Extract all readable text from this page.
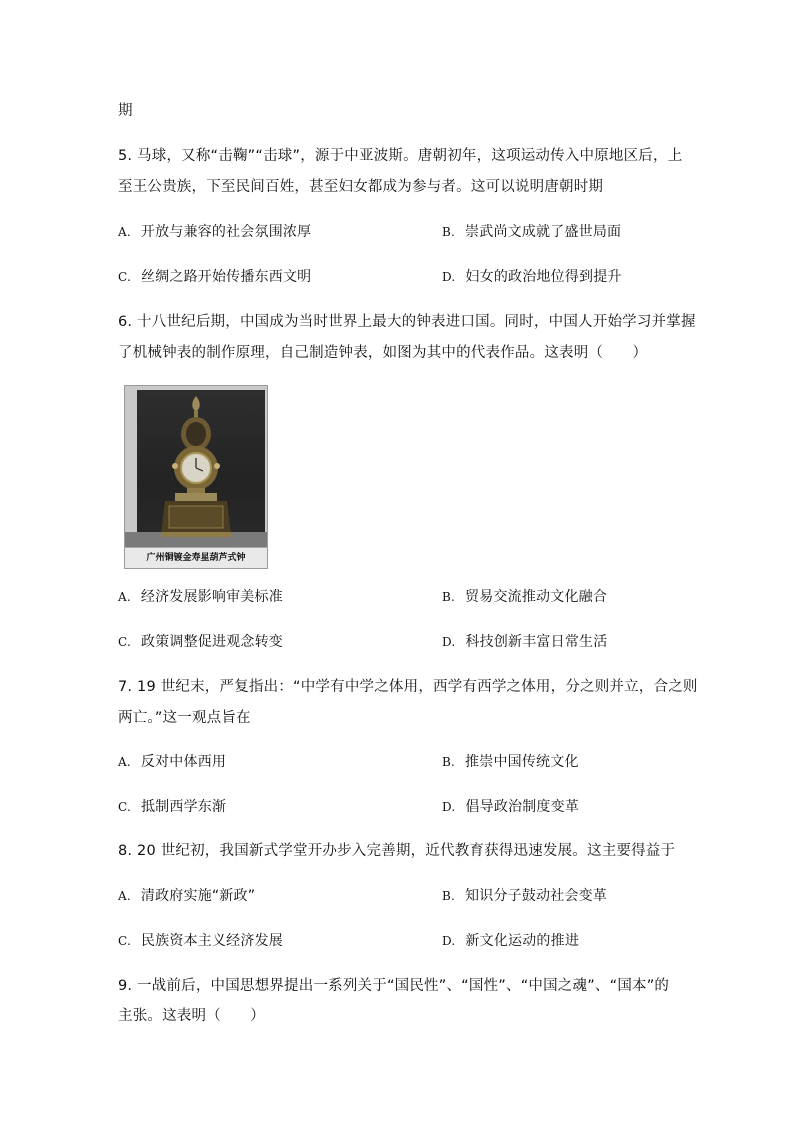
期
5. 马球，又称“击鞠”“击球”，源于中亚波斯。唐朝初年，这项运动传入中原地区后，上
至王公贵族，下至民间百姓，甚至妇女都成为参与者。这可以说明唐朝时期
A. 开放与兼容的社会氛围浓厚	B. 崇武尚文成就了盛世局面
C. 丝绸之路开始传播东西文明	D. 妇女的政治地位得到提升
6. 十八世纪后期，中国成为当时世界上最大的钟表进口国。同时，中国人开始学习并掌握
了机械钟表的制作原理，自己制造钟表，如图为其中的代表作品。这表明（　　）
广州铜镀金寿星葫芦式钟
A. 经济发展影响审美标准	B. 贸易交流推动文化融合
C. 政策调整促进观念转变	D. 科技创新丰富日常生活
7. 19 世纪末，严复指出：“中学有中学之体用，西学有西学之体用，分之则并立，合之则
两亡。”这一观点旨在
A. 反对中体西用	B. 推崇中国传统文化
C. 抵制西学东渐	D. 倡导政治制度变革
8. 20 世纪初，我国新式学堂开办步入完善期，近代教育获得迅速发展。这主要得益于
A. 清政府实施“新政”	B. 知识分子鼓动社会变革
C. 民族资本主义经济发展	D. 新文化运动的推进
9. 一战前后，中国思想界提出一系列关于“国民性”、“国性”、“中国之魂”、“国本”的
主张。这表明（　　）
